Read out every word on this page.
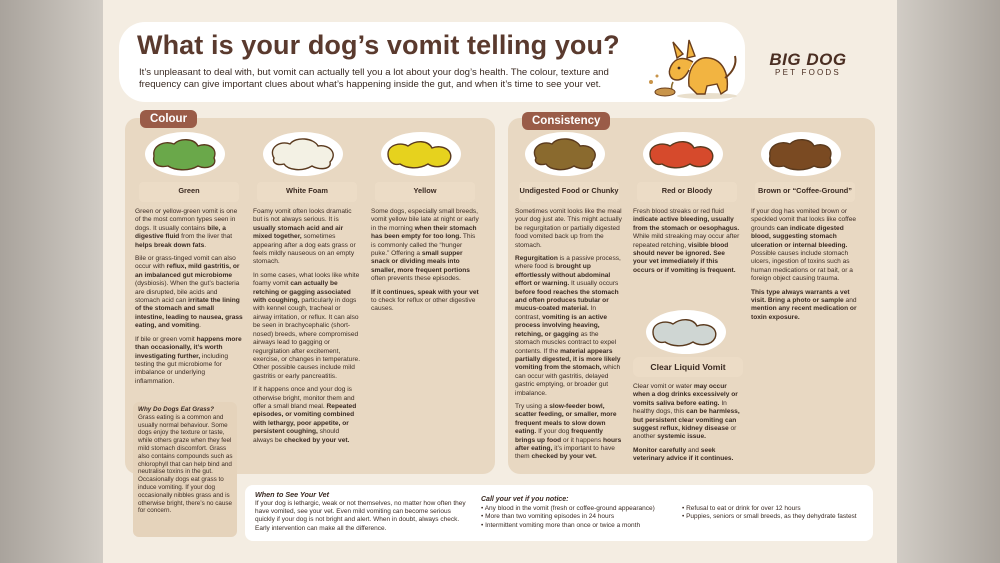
What is your dog’s vomit telling you?
It’s unpleasant to deal with, but vomit can actually tell you a lot about your dog’s health. The colour, texture and frequency can give important clues about what’s happening inside the gut, and when it’s time to see your vet.
BIG DOG
PET FOODS
Colour
Why Do Dogs Eat Grass?
Grass eating is a common and usually normal behaviour. Some dogs enjoy the texture or taste, while others graze when they feel mild stomach discomfort. Grass also contains compounds such as chlorophyll that can help bind and neutralise toxins in the gut. Occasionally dogs eat grass to induce vomiting. If your dog occasionally nibbles grass and is otherwise bright, there’s no cause for concern.
Consistency
When to See Your Vet
If your dog is lethargic, weak or not themselves, no matter how often they have vomited, see your vet. Even mild vomiting can become serious quickly if your dog is not bright and alert. When in doubt, always check. Early intervention can make all the difference.
Call your vet if you notice:
• Any blood in the vomit (fresh or coffee-ground appearance)
• More than two vomiting episodes in 24 hours
• Intermittent vomiting more than once or twice a month
• Refusal to eat or drink for over 12 hours
• Puppies, seniors or small breeds, as they dehydrate fastest
Green

Green or yellow-green vomit is one of the most common types seen in dogs. It usually contains bile, a digestive fluid from the liver that helps break down fats.

Bile or grass-tinged vomit can also occur with reflux, mild gastritis, or an imbalanced gut microbiome (dysbiosis). When the gut’s bacteria are disrupted, bile acids and stomach acid can irritate the lining of the stomach and small intestine, leading to nausea, grass eating, and vomiting.

If bile or green vomit happens more than occasionally, it’s worth investigating further, including testing the gut microbiome for imbalance or underlying inflammation.

White Foam

Foamy vomit often looks dramatic but is not always serious. It is usually stomach acid and air mixed together, sometimes appearing after a dog eats grass or feels mildly nauseous on an empty stomach.

In some cases, what looks like white foamy vomit can actually be retching or gagging associated with coughing, particularly in dogs with kennel cough, tracheal or airway irritation, or reflux. It can also be seen in brachycephalic (short-nosed) breeds, where compromised airways lead to gagging or regurgitation after excitement, exercise, or changes in temperature. Other possible causes include mild gastritis or early pancreatitis.

If it happens once and your dog is otherwise bright, monitor them and offer a small bland meal. Repeated episodes, or vomiting combined with lethargy, poor appetite, or persistent coughing, should always be checked by your vet.

Yellow

Some dogs, especially small breeds, vomit yellow bile late at night or early in the morning when their stomach has been empty for too long. This is commonly called the “hunger puke.” Offering a small supper snack or dividing meals into smaller, more frequent portions often prevents these episodes.

If it continues, speak with your vet to check for reflux or other digestive causes.

Undigested Food or Chunky

Sometimes vomit looks like the meal your dog just ate. This might actually be regurgitation or partially digested food vomited back up from the stomach.

Regurgitation is a passive process, where food is brought up effortlessly without abdominal effort or warning. It usually occurs before food reaches the stomach and often produces tubular or mucus-coated material. In contrast, vomiting is an active process involving heaving, retching, or gagging as the stomach muscles contract to expel contents. If the material appears partially digested, it is more likely vomiting from the stomach, which can occur with gastritis, delayed gastric emptying, or broader gut imbalance.

Try using a slow-feeder bowl, scatter feeding, or smaller, more frequent meals to slow down eating. If your dog frequently brings up food or it happens hours after eating, it’s important to have them checked by your vet.

Red or Bloody

Fresh blood streaks or red fluid indicate active bleeding, usually from the stomach or oesophagus. While mild streaking may occur after repeated retching, visible blood should never be ignored. See your vet immediately if this occurs or if vomiting is frequent.

Brown or “Coffee-Ground”

If your dog has vomited brown or speckled vomit that looks like coffee grounds can indicate digested blood, suggesting stomach ulceration or internal bleeding. Possible causes include stomach ulcers, ingestion of toxins such as human medications or rat bait, or a foreign object causing trauma.

This type always warrants a vet visit. Bring a photo or sample and mention any recent medication or toxin exposure.

Clear Liquid Vomit

Clear vomit or water may occur when a dog drinks excessively or vomits saliva before eating. In healthy dogs, this can be harmless, but persistent clear vomiting can suggest reflux, kidney disease or another systemic issue.

Monitor carefully and seek veterinary advice if it continues.
